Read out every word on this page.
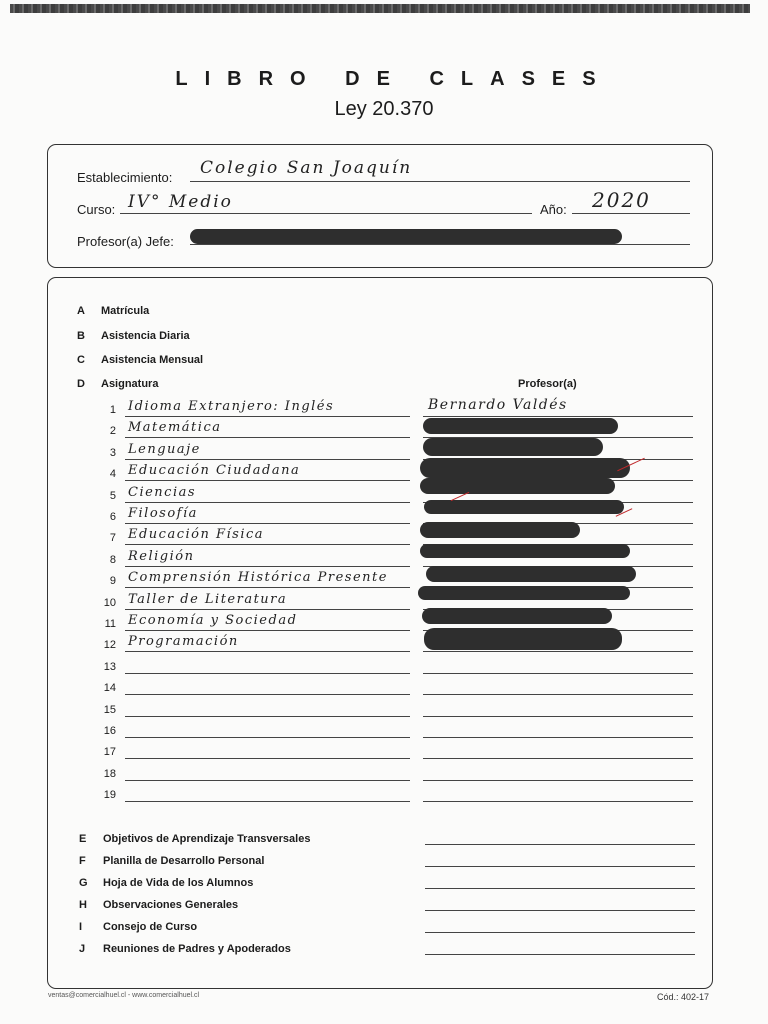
LIBRO DE CLASES
Ley 20.370
Establecimiento: Colegio San Joaquín
Curso: IV° Medio	Año: 2020
Profesor(a) Jefe:
A Matrícula
B Asistencia Diaria
C Asistencia Mensual
D Asignatura	Profesor(a)
1 Idioma Extranjero: Inglés	Bernardo Valdés
2 Matemática
3 Lenguaje
4 Educación Ciudadana
5 Ciencias
6 Filosofía
7 Educación Física
8 Religión
9 Comprensión Histórica Presente
10 Taller de Literatura
11 Economía y Sociedad
12 Programación
13
14
15
16
17
18
19
E Objetivos de Aprendizaje Transversales
F Planilla de Desarrollo Personal
G Hoja de Vida de los Alumnos
H Observaciones Generales
I Consejo de Curso
J Reuniones de Padres y Apoderados
ventas@comercialhuel.cl - www.comercialhuel.cl	Cód.: 402-17
